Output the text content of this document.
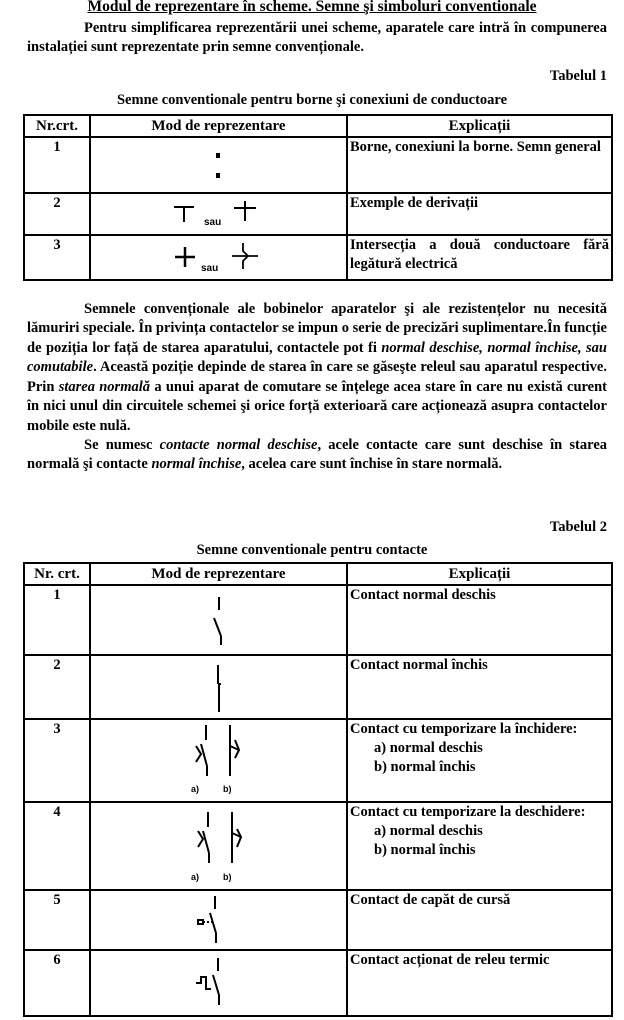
Modul de reprezentare în scheme. Semne şi simboluri conventionale

Pentru simplificarea reprezentării unei scheme, aparatele care intră în compunerea instalației sunt reprezentate prin semne convenționale.

Tabelul 1
Semne conventionale pentru borne şi conexiuni de conductoare
Nr.crt.	Mod de reprezentare	Explicații
1		Borne, conexiuni la borne. Semn general
2	sau	Exemple de derivații
3	sau	Intersecția a două conductoare fără legătură electrică

Semnele convenționale ale bobinelor aparatelor şi ale rezistențelor nu necesită lămuriri speciale. În privința contactelor se impun o serie de precizări suplimentare.În funcție de poziția lor față de starea aparatului, contactele pot fi normal deschise, normal închise, sau comutabile. Această poziție depinde de starea în care se găseşte releul sau aparatul respective. Prin starea normală a unui aparat de comutare se înțelege acea stare în care nu există curent în nici unul din circuitele schemei şi orice forță exterioară care acționează asupra contactelor mobile este nulă.

Se numesc contacte normal deschise, acele contacte care sunt deschise în starea normală şi contacte normal închise, acelea care sunt închise în stare normală.

Tabelul 2
Semne conventionale pentru contacte
Nr. crt.	Mod de reprezentare	Explicații
1		Contact normal deschis
2		Contact normal închis
3	a) b)	Contact cu temporizare la închidere:
a) normal deschis
b) normal închis

4	a) b)	Contact cu temporizare la deschidere:
a) normal deschis
b) normal închis

5		Contact de capăt de cursă
6		Contact acționat de releu termic
